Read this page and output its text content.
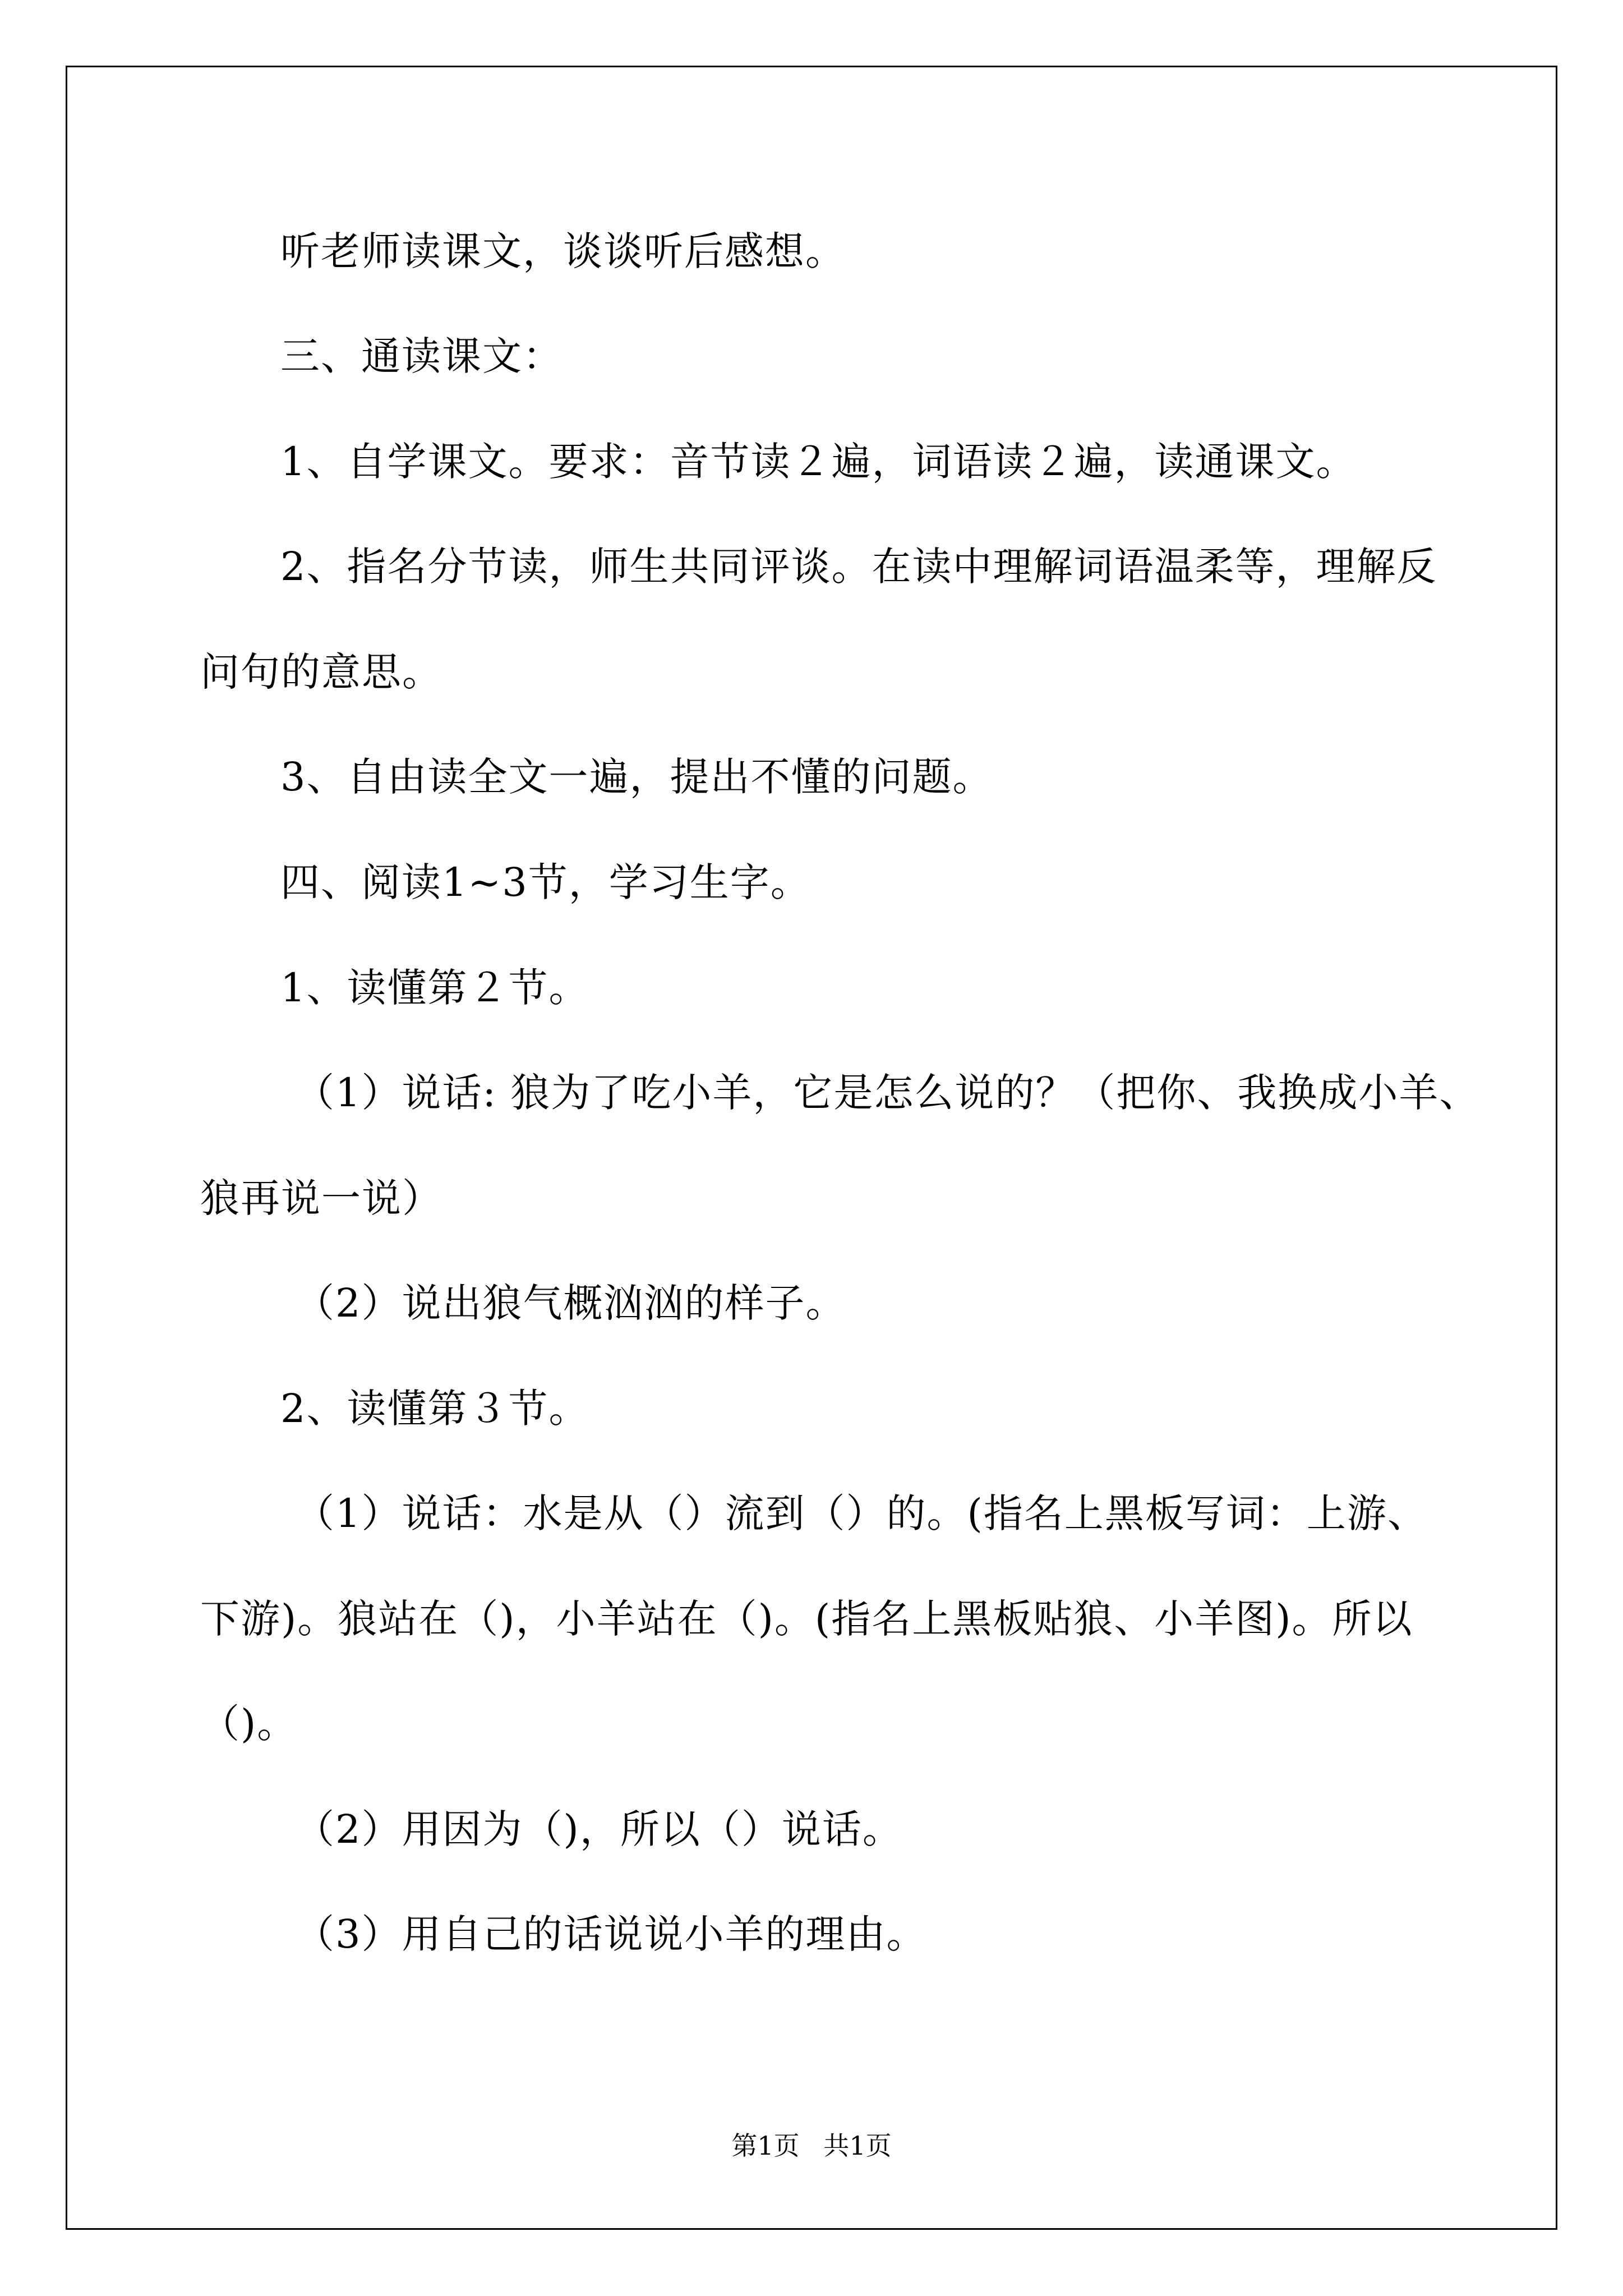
听老师读课文，谈谈听后感想。
三、通读课文：
1、自学课文。要求：音节读２遍，词语读２遍，读通课文。
2、指名分节读，师生共同评谈。在读中理解词语温柔等，理解反
问句的意思。
3、自由读全文一遍，提出不懂的问题。
四、阅读1~3节，学习生字。
1、读懂第２节。
（1）说话: 狼为了吃小羊，它是怎么说的？（把你、我换成小羊、
狼再说一说）
（2）说出狼气概汹汹的样子。
2、读懂第３节。
（1）说话：水是从（）流到（）的。(指名上黑板写词：上游、
下游)。狼站在（)，小羊站在（)。(指名上黑板贴狼、小羊图)。所以
（)。
（2）用因为（)，所以（）说话。
（3）用自己的话说说小羊的理由。
第1页 共1页
